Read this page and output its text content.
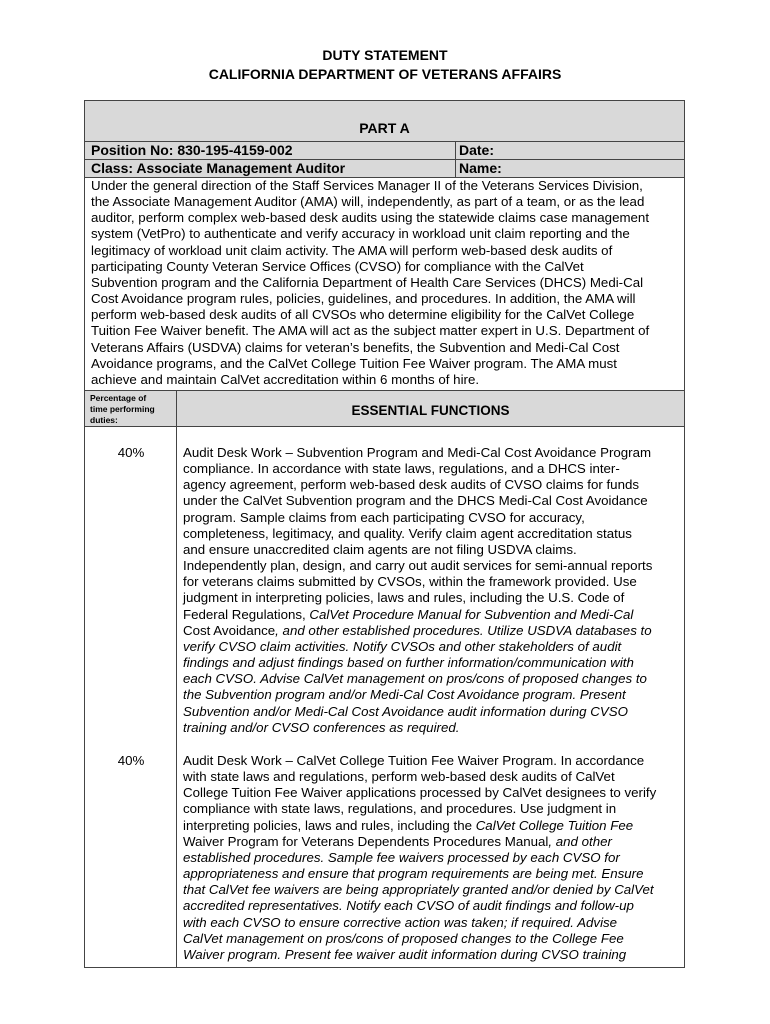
DUTY STATEMENT
CALIFORNIA DEPARTMENT OF VETERANS AFFAIRS
PART A
Position No: 830-195-4159-002	Date:
Class: Associate Management Auditor	Name:

Under the general direction of the Staff Services Manager II of the Veterans Services Division,

the Associate Management Auditor (AMA) will, independently, as part of a team, or as the lead

auditor, perform complex web-based desk audits using the statewide claims case management

system (VetPro) to authenticate and verify accuracy in workload unit claim reporting and the

legitimacy of workload unit claim activity. The AMA will perform web-based desk audits of

participating County Veteran Service Offices (CVSO) for compliance with the CalVet

Subvention program and the California Department of Health Care Services (DHCS) Medi-Cal

Cost Avoidance program rules, policies, guidelines, and procedures. In addition, the AMA will

perform web-based desk audits of all CVSOs who determine eligibility for the CalVet College

Tuition Fee Waiver benefit. The AMA will act as the subject matter expert in U.S. Department of

Veterans Affairs (USDVA) claims for veteran’s benefits, the Subvention and Medi-Cal Cost

Avoidance programs, and the CalVet College Tuition Fee Waiver program. The AMA must

achieve and maintain CalVet accreditation within 6 months of hire.

Percentage of
time performing
duties:
ESSENTIAL FUNCTIONS
40%	Audit Desk Work – Subvention Program and Medi-Cal Cost Avoidance Program

compliance. In accordance with state laws, regulations, and a DHCS inter-

agency agreement, perform web-based desk audits of CVSO claims for funds

under the CalVet Subvention program and the DHCS Medi-Cal Cost Avoidance

program. Sample claims from each participating CVSO for accuracy,

completeness, legitimacy, and quality. Verify claim agent accreditation status

and ensure unaccredited claim agents are not filing USDVA claims.

Independently plan, design, and carry out audit services for semi-annual reports

for veterans claims submitted by CVSOs, within the framework provided. Use

judgment in interpreting policies, laws and rules, including the U.S. Code of

Federal Regulations, CalVet Procedure Manual for Subvention and Medi-Cal

Cost Avoidance, and other established procedures. Utilize USDVA databases to

verify CVSO claim activities. Notify CVSOs and other stakeholders of audit

findings and adjust findings based on further information/communication with

each CVSO. Advise CalVet management on pros/cons of proposed changes to

the Subvention program and/or Medi-Cal Cost Avoidance program. Present

Subvention and/or Medi-Cal Cost Avoidance audit information during CVSO

training and/or CVSO conferences as required.

40%	Audit Desk Work – CalVet College Tuition Fee Waiver Program. In accordance

with state laws and regulations, perform web-based desk audits of CalVet

College Tuition Fee Waiver applications processed by CalVet designees to verify

compliance with state laws, regulations, and procedures. Use judgment in

interpreting policies, laws and rules, including the CalVet College Tuition Fee

Waiver Program for Veterans Dependents Procedures Manual, and other

established procedures. Sample fee waivers processed by each CVSO for

appropriateness and ensure that program requirements are being met. Ensure

that CalVet fee waivers are being appropriately granted and/or denied by CalVet

accredited representatives. Notify each CVSO of audit findings and follow-up

with each CVSO to ensure corrective action was taken; if required. Advise

CalVet management on pros/cons of proposed changes to the College Fee

Waiver program. Present fee waiver audit information during CVSO training
